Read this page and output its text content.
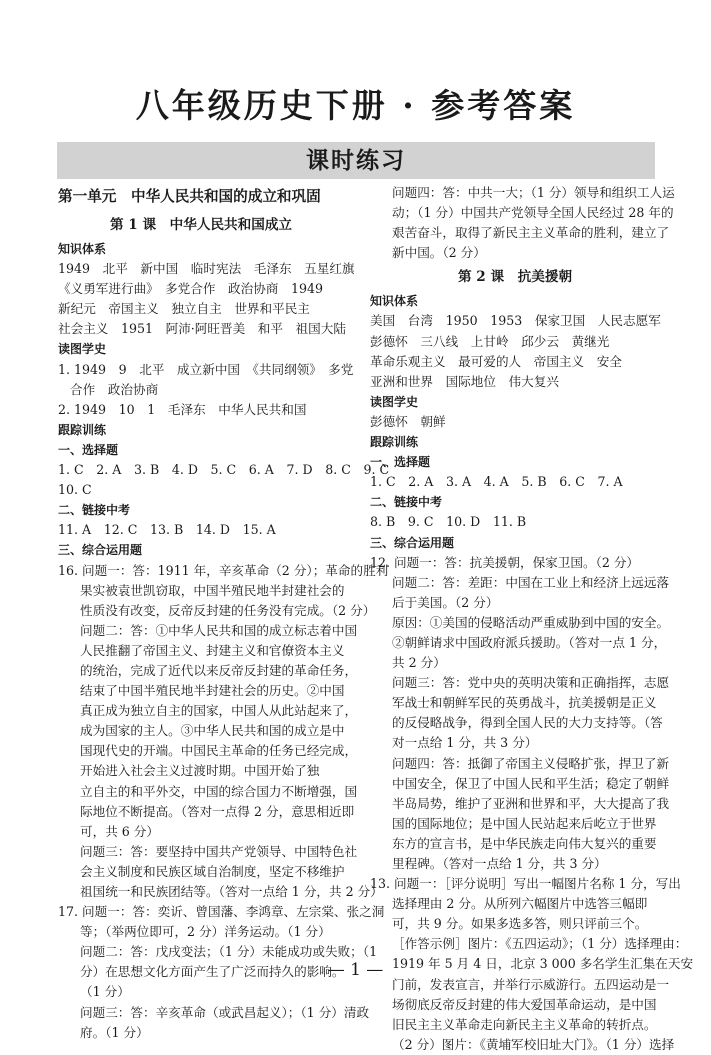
八年级历史下册 · 参考答案
课时练习
第一单元　中华人民共和国的成立和巩固
第 1 课　中华人民共和国成立
知识体系
1949　北平　新中国　临时宪法　毛泽东　五星红旗
《义勇军进行曲》　多党合作　政治协商　1949
新纪元　帝国主义　独立自主　世界和平民主
社会主义　1951　阿沛·阿旺晋美　和平　祖国大陆
读图学史
1. 1949　9　北平　成立新中国　《共同纲领》　多党
合作　政治协商
2. 1949　10　1　毛泽东　中华人民共和国
跟踪训练
一、选择题
1. C　2. A　3. B　4. D　5. C　6. A　7. D　8. C　9. C
10. C
二、链接中考
11. A　12. C　13. B　14. D　15. A
三、综合运用题
16. 问题一：答：1911 年，辛亥革命（2 分）；革命的胜利
果实被袁世凯窃取，中国半殖民地半封建社会的
性质没有改变，反帝反封建的任务没有完成。（2 分）
问题二：答：①中华人民共和国的成立标志着中国
人民推翻了帝国主义、封建主义和官僚资本主义
的统治，完成了近代以来反帝反封建的革命任务，
结束了中国半殖民地半封建社会的历史。②中国
真正成为独立自主的国家，中国人从此站起来了，
成为国家的主人。③中华人民共和国的成立是中
国现代史的开端。中国民主革命的任务已经完成，
开始进入社会主义过渡时期。中国开始了独
立自主的和平外交，中国的综合国力不断增强，国
际地位不断提高。（答对一点得 2 分，意思相近即
可，共 6 分）
问题三：答：要坚持中国共产党领导、中国特色社
会主义制度和民族区域自治制度，坚定不移维护
祖国统一和民族团结等。（答对一点给 1 分，共 2 分）
17. 问题一：答：奕䜣、曾国藩、李鸿章、左宗棠、张之洞
等；（举两位即可，2 分）洋务运动。（1 分）
问题二：答：戊戌变法；（1 分）未能成功或失败；（1
分）在思想文化方面产生了广泛而持久的影响。
（1 分）
问题三：答：辛亥革命（或武昌起义）；（1 分）清政
府。（1 分）
问题四：答：中共一大；（1 分）领导和组织工人运
动；（1 分）中国共产党领导全国人民经过 28 年的
艰苦奋斗，取得了新民主主义革命的胜利，建立了
新中国。（2 分）
第 2 课　抗美援朝
知识体系
美国　台湾　1950　1953　保家卫国　人民志愿军
彭德怀　三八线　上甘岭　邱少云　黄继光
革命乐观主义　最可爱的人　帝国主义　安全
亚洲和世界　国际地位　伟大复兴
读图学史
彭德怀　朝鲜
跟踪训练
一、选择题
1. C　2. A　3. A　4. A　5. B　6. C　7. A
二、链接中考
8. B　9. C　10. D　11. B
三、综合运用题
12. 问题一：答：抗美援朝，保家卫国。（2 分）
问题二：答：差距：中国在工业上和经济上远远落
后于美国。（2 分）
原因：①美国的侵略活动严重威胁到中国的安全。
②朝鲜请求中国政府派兵援助。（答对一点 1 分，
共 2 分）
问题三：答：党中央的英明决策和正确指挥，志愿
军战士和朝鲜军民的英勇战斗，抗美援朝是正义
的反侵略战争，得到全国人民的大力支持等。（答
对一点给 1 分，共 3 分）
问题四：答：抵御了帝国主义侵略扩张，捍卫了新
中国安全，保卫了中国人民和平生活；稳定了朝鲜
半岛局势，维护了亚洲和世界和平，大大提高了我
国的国际地位；是中国人民站起来后屹立于世界
东方的宣言书，是中华民族走向伟大复兴的重要
里程碑。（答对一点给 1 分，共 3 分）
13. 问题一：［评分说明］写出一幅图片名称 1 分，写出
选择理由 2 分。从所列六幅图片中选答三幅即
可，共 9 分。如果多选多答，则只评前三个。
［作答示例］图片：《五四运动》；（1 分）选择理由：
1919 年 5 月 4 日，北京 3 000 多名学生汇集在天安
门前，发表宣言，并举行示威游行。五四运动是一
场彻底反帝反封建的伟大爱国革命运动，是中国
旧民主主义革命走向新民主主义革命的转折点。
（2 分）图片：《黄埔军校旧址大门》。（1 分）选择
— 1 —
